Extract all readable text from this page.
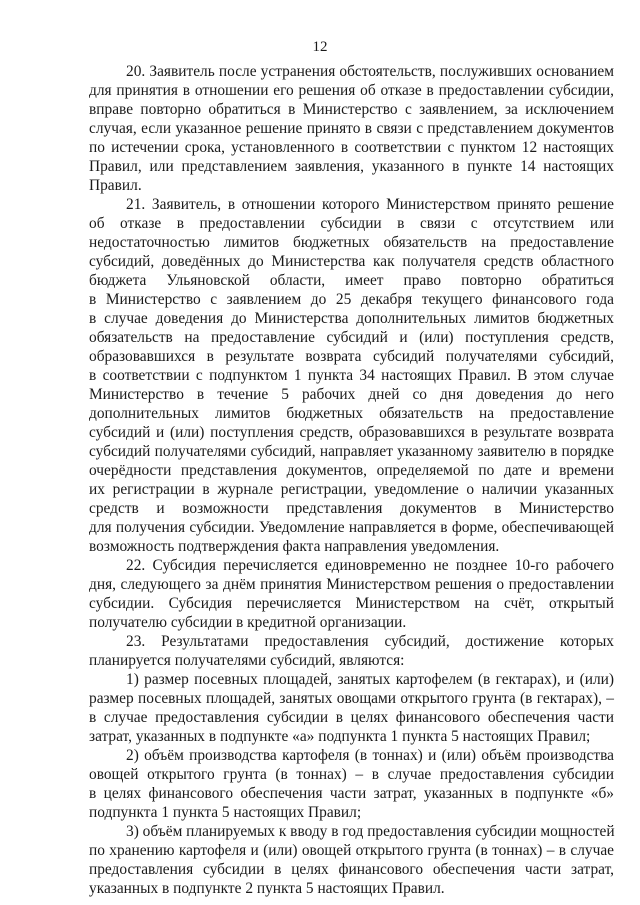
12
20. Заявитель после устранения обстоятельств, послуживших основанием
для принятия в отношении его решения об отказе в предоставлении субсидии,
вправе повторно обратиться в Министерство с заявлением, за исключением
случая, если указанное решение принято в связи с представлением документов
по истечении срока, установленного в соответствии с пунктом 12 настоящих
Правил, или представлением заявления, указанного в пункте 14 настоящих
Правил.
21. Заявитель, в отношении которого Министерством принято решение
об отказе в предоставлении субсидии в связи с отсутствием или
недостаточностью лимитов бюджетных обязательств на предоставление
субсидий, доведённых до Министерства как получателя средств областного
бюджета Ульяновской области, имеет право повторно обратиться
в Министерство с заявлением до 25 декабря текущего финансового года
в случае доведения до Министерства дополнительных лимитов бюджетных
обязательств на предоставление субсидий и (или) поступления средств,
образовавшихся в результате возврата субсидий получателями субсидий,
в соответствии с подпунктом 1 пункта 34 настоящих Правил. В этом случае
Министерство в течение 5 рабочих дней со дня доведения до него
дополнительных лимитов бюджетных обязательств на предоставление
субсидий и (или) поступления средств, образовавшихся в результате возврата
субсидий получателями субсидий, направляет указанному заявителю в порядке
очерёдности представления документов, определяемой по дате и времени
их регистрации в журнале регистрации, уведомление о наличии указанных
средств и возможности представления документов в Министерство
для получения субсидии. Уведомление направляется в форме, обеспечивающей
возможность подтверждения факта направления уведомления.
22. Субсидия перечисляется единовременно не позднее 10-го рабочего
дня, следующего за днём принятия Министерством решения о предоставлении
субсидии. Субсидия перечисляется Министерством на счёт, открытый
получателю субсидии в кредитной организации.
23. Результатами предоставления субсидий, достижение которых
планируется получателями субсидий, являются:
1) размер посевных площадей, занятых картофелем (в гектарах), и (или)
размер посевных площадей, занятых овощами открытого грунта (в гектарах), –
в случае предоставления субсидии в целях финансового обеспечения части
затрат, указанных в подпункте «а» подпункта 1 пункта 5 настоящих Правил;
2) объём производства картофеля (в тоннах) и (или) объём производства
овощей открытого грунта (в тоннах) – в случае предоставления субсидии
в целях финансового обеспечения части затрат, указанных в подпункте «б»
подпункта 1 пункта 5 настоящих Правил;
3) объём планируемых к вводу в год предоставления субсидии мощностей
по хранению картофеля и (или) овощей открытого грунта (в тоннах) – в случае
предоставления субсидии в целях финансового обеспечения части затрат,
указанных в подпункте 2 пункта 5 настоящих Правил.
